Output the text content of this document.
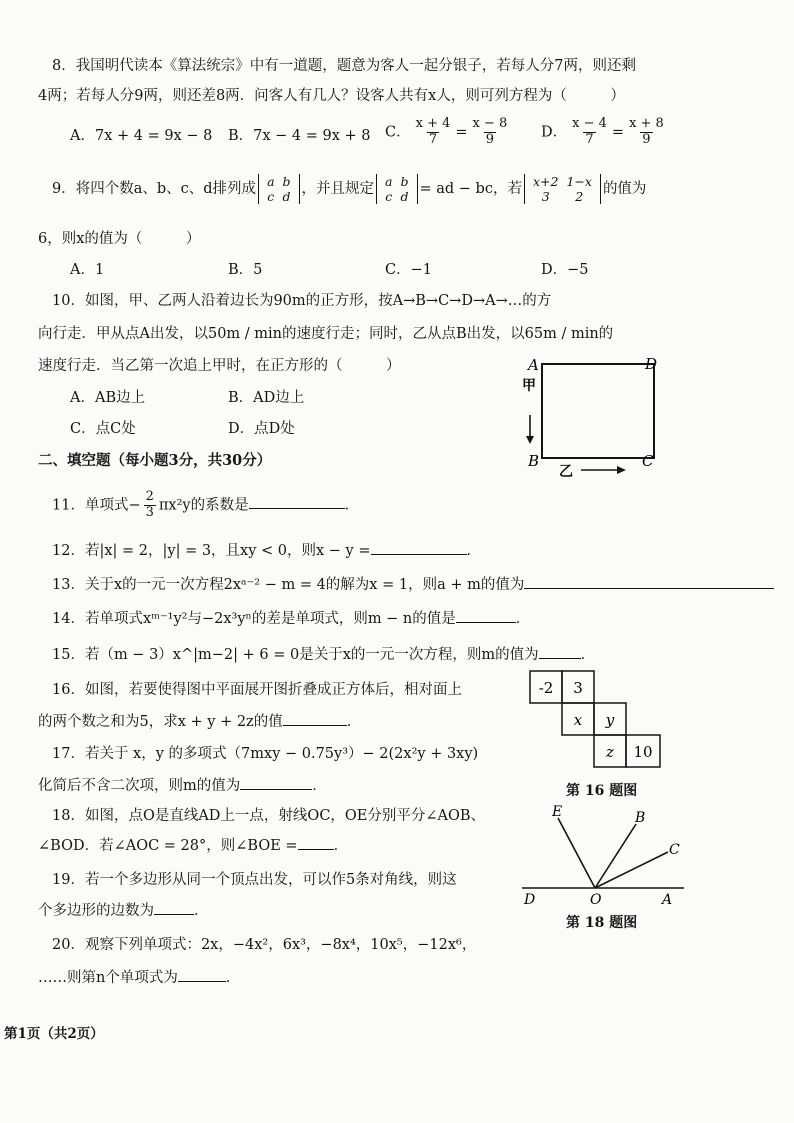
8．我国明代读本《算法统宗》中有一道题，题意为客人一起分银子，若每人分7两，则还剩
4两；若每人分9两，则还差8两．问客人有几人？设客人共有x人，则可列方程为（　　　）
A．7x + 4 = 9x − 8 B．7x − 4 = 9x + 8 C． $\frac{x + 4}{7} = \frac{x - 8}{9}$ D． $\frac{x - 4}{7} = \frac{x + 8}{9}$
9．将四个数a、b、c、d排列成 a	b
c	d ，并且规定 a	b
c	d = ad − bc，若 x+2	1−x
3	2 的值为
6，则x的值为（　　　）
A．1	B．5	C．−1	D．−5
10．如图，甲、乙两人沿着边长为90m的正方形，按A→B→C→D→A→…的方
向行走．甲从点A出发，以50m / min的速度行走；同时，乙从点B出发，以65m / min的
速度行走．当乙第一次追上甲时，在正方形的（　　　）
A．AB边上	B．AD边上
C．点C处	D．点D处
A	D
B	C
甲
乙
二、填空题（每小题3分，共30分）
11．单项式− $\frac{2}{3} \pi x^2y$的系数是	．
12．若|x| = 2，|y| = 3，且xy < 0，则x − y =	．
13．关于x的一元一次方程2xᵃ⁻² − m = 4的解为x = 1，则a + m的值为
14．若单项式xᵐ⁻¹y²与−2x³yⁿ的差是单项式，则m − n的值是	．
15．若（m − 3）x^|m−2| + 6 = 0是关于x的一元一次方程，则m的值为	．
16．如图，若要使得图中平面展开图折叠成正方体后，相对面上
的两个数之和为5，求x + y + 2z的值	．
-2 3
x y
z 10
第 16 题图
17．若关于 x，y 的多项式（7mxy − 0.75y³）− 2(2x²y + 3xy)
化简后不含二次项，则m的值为	．
18．如图，点O是直线AD上一点，射线OC，OE分别平分∠AOB、
∠BOD．若∠AOC = 28°，则∠BOE = ．
E	B
C
D	O	A
第 18 题图
19．若一个多边形从同一个顶点出发，可以作5条对角线，则这
个多边形的边数为	．
20．观察下列单项式：2x，−4x²，6x³，−8x⁴，10x⁵，−12x⁶，
……则第n个单项式为	．
第1页（共2页）
